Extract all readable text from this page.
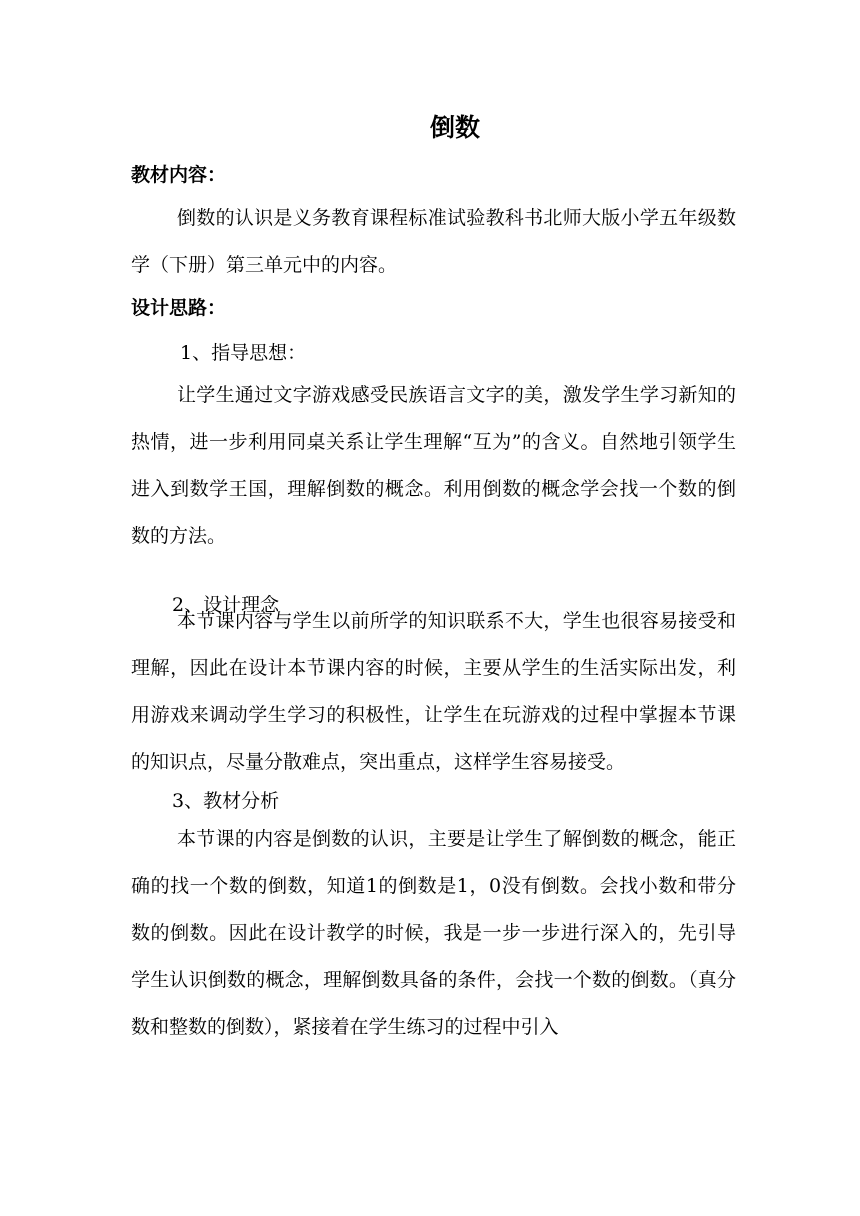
倒数
教材内容：

倒数的认识是义务教育课程标准试验教科书北师大版小学五年级数学（下册）第三单元中的内容。

设计思路：

1、指导思想：

让学生通过文字游戏感受民族语言文字的美，激发学生学习新知的热情，进一步利用同桌关系让学生理解“互为”的含义。自然地引领学生进入到数学王国，理解倒数的概念。利用倒数的概念学会找一个数的倒数的方法。

2、设计理念

本节课内容与学生以前所学的知识联系不大，学生也很容易接受和理解，因此在设计本节课内容的时候，主要从学生的生活实际出发，利用游戏来调动学生学习的积极性，让学生在玩游戏的过程中掌握本节课的知识点，尽量分散难点，突出重点，这样学生容易接受。

3、教材分析

本节课的内容是倒数的认识，主要是让学生了解倒数的概念，能正确的找一个数的倒数，知道1的倒数是1，0没有倒数。会找小数和带分数的倒数。因此在设计教学的时候，我是一步一步进行深入的，先引导学生认识倒数的概念，理解倒数具备的条件，会找一个数的倒数。（真分数和整数的倒数），紧接着在学生练习的过程中引入
